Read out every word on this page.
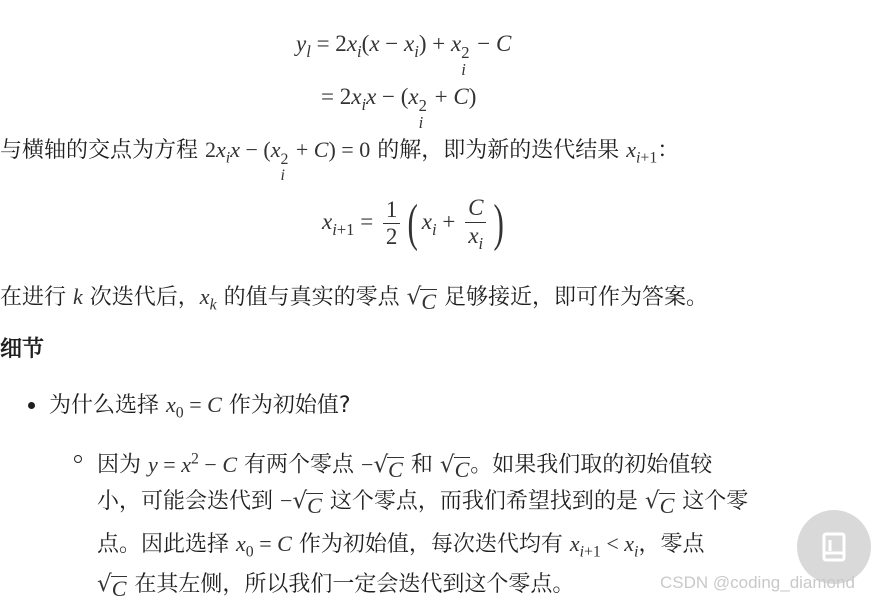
$y_l = 2x_i(x - x_i) + x$ 2
i
− C
= $2x_ix - (x$ 2
i
+ C)
与横轴的交点为方程 $2x_ix - (x$ 2
i
+ C) = 0 的解，即为新的迭代结果 $x_{i+1}$：
$x_{i+1} = \frac{1}{2}$ ( $x_i + \frac{C}{x_i}$ )
在进行 k 次迭代后，$x_k$ 的值与真实的零点 √ C 足够接近，即可作为答案。
细节
为什么选择 $x_0 = C$ 作为初始值?
因为 $y = x^2 - C$ 有两个零点 − √ C 和 √ C 。如果我们取的初始值较
小，可能会迭代到 − √ C 这个零点，而我们希望找到的是 √ C 这个零
点。因此选择 $x_0 = C$ 作为初始值，每次迭代均有 $x_{i+1} < x_i$，零点
√ C 在其左侧，所以我们一定会迭代到这个零点。	CSDN @coding_diamond
